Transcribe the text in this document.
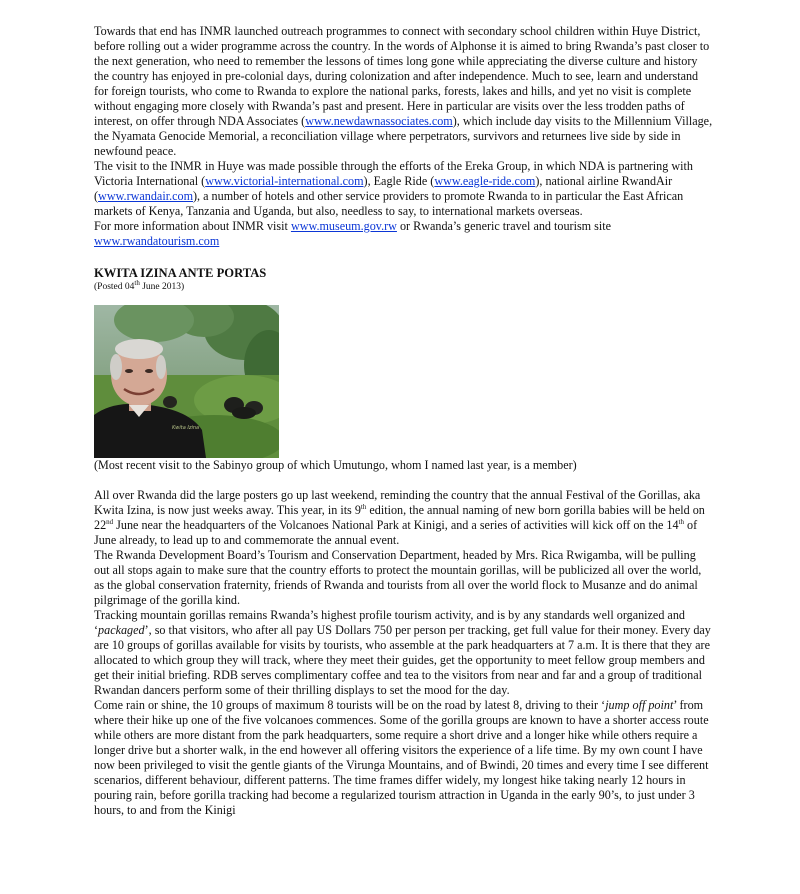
Towards that end has INMR launched outreach programmes to connect with secondary school children within Huye District, before rolling out a wider programme across the country. In the words of Alphonse it is aimed to bring Rwanda’s past closer to the next generation, who need to remember the lessons of times long gone while appreciating the diverse culture and history the country has enjoyed in pre-colonial days, during colonization and after independence. Much to see, learn and understand for foreign tourists, who come to Rwanda to explore the national parks, forests, lakes and hills, and yet no visit is complete without engaging more closely with Rwanda’s past and present. Here in particular are visits over the less trodden paths of interest, on offer through NDA Associates (www.newdawnassociates.com), which include day visits to the Millennium Village, the Nyamata Genocide Memorial, a reconciliation village where perpetrators, survivors and returnees live side by side in newfound peace.

The visit to the INMR in Huye was made possible through the efforts of the Ereka Group, in which NDA is partnering with Victoria International (www.victorial-international.com), Eagle Ride (www.eagle-ride.com), national airline RwandAir (www.rwandair.com), a number of hotels and other service providers to promote Rwanda to in particular the East African markets of Kenya, Tanzania and Uganda, but also, needless to say, to international markets overseas.

For more information about INMR visit www.museum.gov.rw or Rwanda’s generic travel and tourism site
www.rwandatourism.com

KWITA IZINA ANTE PORTAS
(Posted 04th June 2013)
Kwita Izina

(Most recent visit to the Sabinyo group of which Umutungo, whom I named last year, is a member)

All over Rwanda did the large posters go up last weekend, reminding the country that the annual Festival of the Gorillas, aka Kwita Izina, is now just weeks away. This year, in its 9th edition, the annual naming of new born gorilla babies will be held on 22nd June near the headquarters of the Volcanoes National Park at Kinigi, and a series of activities will kick off on the 14th of June already, to lead up to and commemorate the annual event.

The Rwanda Development Board’s Tourism and Conservation Department, headed by Mrs. Rica Rwigamba, will be pulling out all stops again to make sure that the country efforts to protect the mountain gorillas, will be publicized all over the world, as the global conservation fraternity, friends of Rwanda and tourists from all over the world flock to Musanze and do animal pilgrimage of the gorilla kind.

Tracking mountain gorillas remains Rwanda’s highest profile tourism activity, and is by any standards well organized and ‘packaged’, so that visitors, who after all pay US Dollars 750 per person per tracking, get full value for their money. Every day are 10 groups of gorillas available for visits by tourists, who assemble at the park headquarters at 7 a.m. It is there that they are allocated to which group they will track, where they meet their guides, get the opportunity to meet fellow group members and get their initial briefing. RDB serves complimentary coffee and tea to the visitors from near and far and a group of traditional Rwandan dancers perform some of their thrilling displays to set the mood for the day.

Come rain or shine, the 10 groups of maximum 8 tourists will be on the road by latest 8, driving to their ‘jump off point’ from where their hike up one of the five volcanoes commences. Some of the gorilla groups are known to have a shorter access route while others are more distant from the park headquarters, some require a short drive and a longer hike while others require a longer drive but a shorter walk, in the end however all offering visitors the experience of a life time. By my own count I have now been privileged to visit the gentle giants of the Virunga Mountains, and of Bwindi, 20 times and every time I see different scenarios, different behaviour, different patterns. The time frames differ widely, my longest hike taking nearly 12 hours in pouring rain, before gorilla tracking had become a regularized tourism attraction in Uganda in the early 90’s, to just under 3 hours, to and from the Kinigi
